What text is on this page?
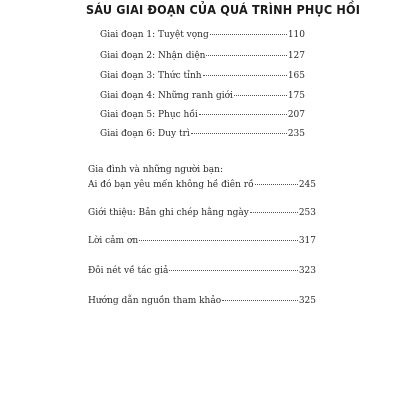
SÁU GIAI ĐOẠN CỦA QUÁ TRÌNH PHỤC HỒI
Giai đoạn 1: Tuyệt vọng	110
Giai đoạn 2: Nhận diện	127
Giai đoạn 3: Thức tỉnh	165
Giai đoạn 4: Những ranh giới	175
Giai đoạn 5: Phục hồi	207
Giai đoạn 6: Duy trì	235
Gia đình và những người bạn:
Ai đó bạn yêu mến không hề điên rồ	245
Giới thiệu: Bản ghi chép hằng ngày	253
Lời cảm ơn	317
Đôi nét về tác giả	323
Hướng dẫn nguồn tham khảo	325
